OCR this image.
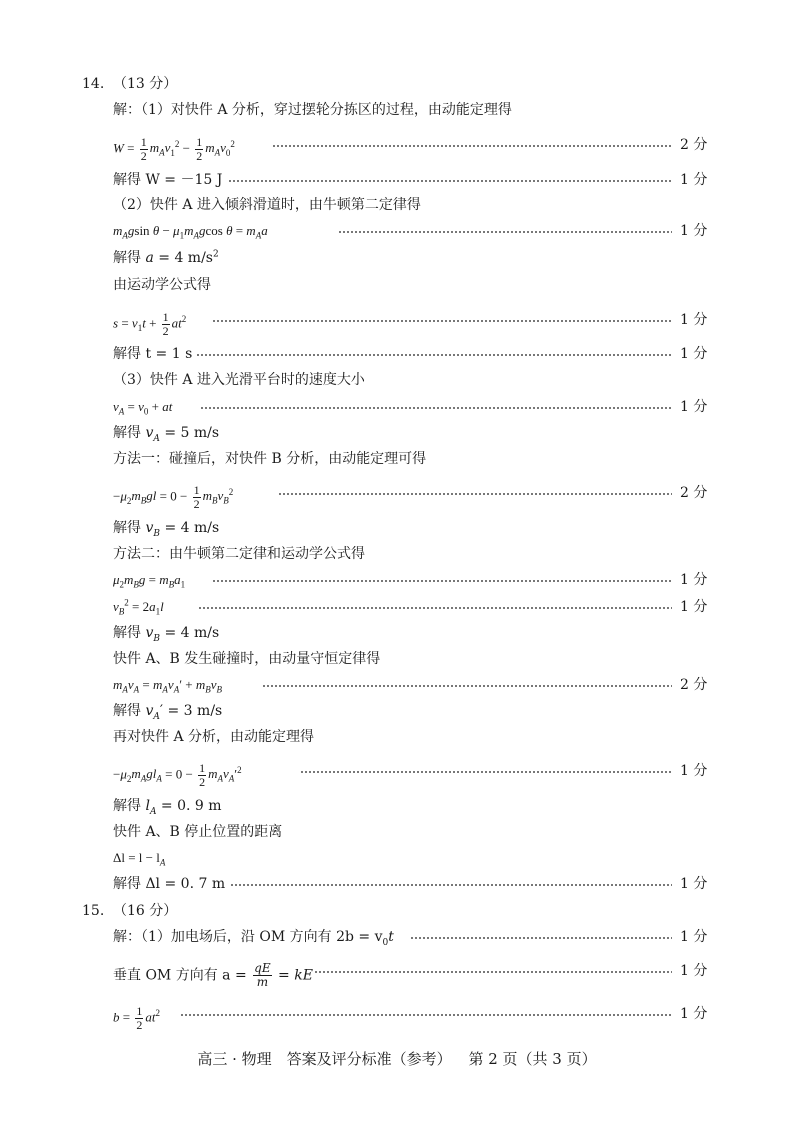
14. （13 分）
解：（1）对快件 A 分析，穿过摆轮分拣区的过程，由动能定理得
$W = \frac{1}{2} m_Av_1^2 - \frac{1}{2} m_Av_0^2$	2 分
解得 W = －15 J	1 分
（2）快件 A 进入倾斜滑道时，由牛顿第二定律得
$m_Agsin$ $\theta - \mu_1m_Agcos$ $\theta = m_Aa$	1 分
解得 a = 4 $m/s^2$
由运动学公式得
$s = v_1t + \frac{1}{2} at^2$	1 分
解得 t = 1 s	1 分
（3）快件 A 进入光滑平台时的速度大小
$v_A = v_0$ + at	1 分
解得 $v_A = 5$ m/s
方法一：碰撞后，对快件 B 分析，由动能定理可得
$-\mu_2m_Bgl = 0 - \frac{1}{2} m_Bv_B^2$	2 分
解得 $v_B = 4$ m/s
方法二：由牛顿第二定律和运动学公式得
$\mu_2m_Bg = m_Ba_1$	1 分
$v_B^2 = 2a_1l$	1 分
解得 $v_B = 4$ m/s
快件 A、B 发生碰撞时，由动量守恒定律得
$m_Av_A = m_Av_A' + m_Bv_B$	2 分
解得 $v_A' = 3$ m/s
再对快件 A 分析，由动能定理得
$-\mu_2m_Agl_A = 0 - \frac{1}{2} m_Av_A'^2$	1 分
解得 $l_A = 0$. 9 m
快件 A、B 停止位置的距离
$\Delta l = l - l_A$
解得 Δl = 0. 7 m	1 分
15. （16 分）
解：（1）加电场后，沿 OM 方向有 $2b = v_0t$	1 分
垂直 OM 方向有 $a = \frac{qE}{m}$ = kE	1 分
$b = \frac{1}{2} at^2$	1 分
高三 · 物理　答案及评分标准（参考） 第 2 页（共 3 页）
